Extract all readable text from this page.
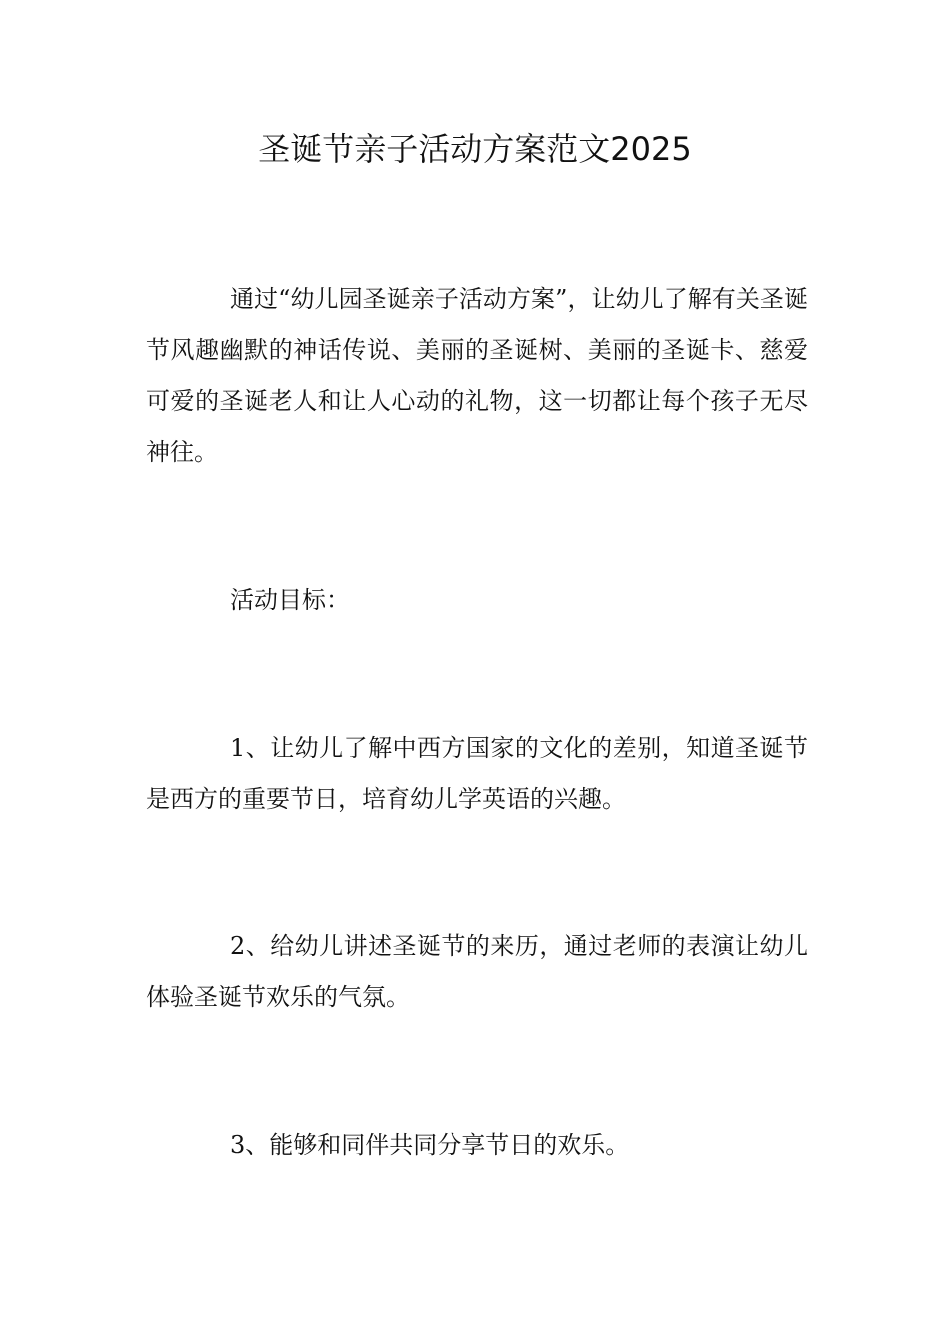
圣诞节亲子活动方案范文2025

通过“幼儿园圣诞亲子活动方案”，让幼儿了解有关圣诞节风趣幽默的神话传说、美丽的圣诞树、美丽的圣诞卡、慈爱可爱的圣诞老人和让人心动的礼物，这一切都让每个孩子无尽神往。

活动目标：

1、让幼儿了解中西方国家的文化的差别，知道圣诞节是西方的重要节日，培育幼儿学英语的兴趣。

2、给幼儿讲述圣诞节的来历，通过老师的表演让幼儿体验圣诞节欢乐的气氛。

3、能够和同伴共同分享节日的欢乐。
